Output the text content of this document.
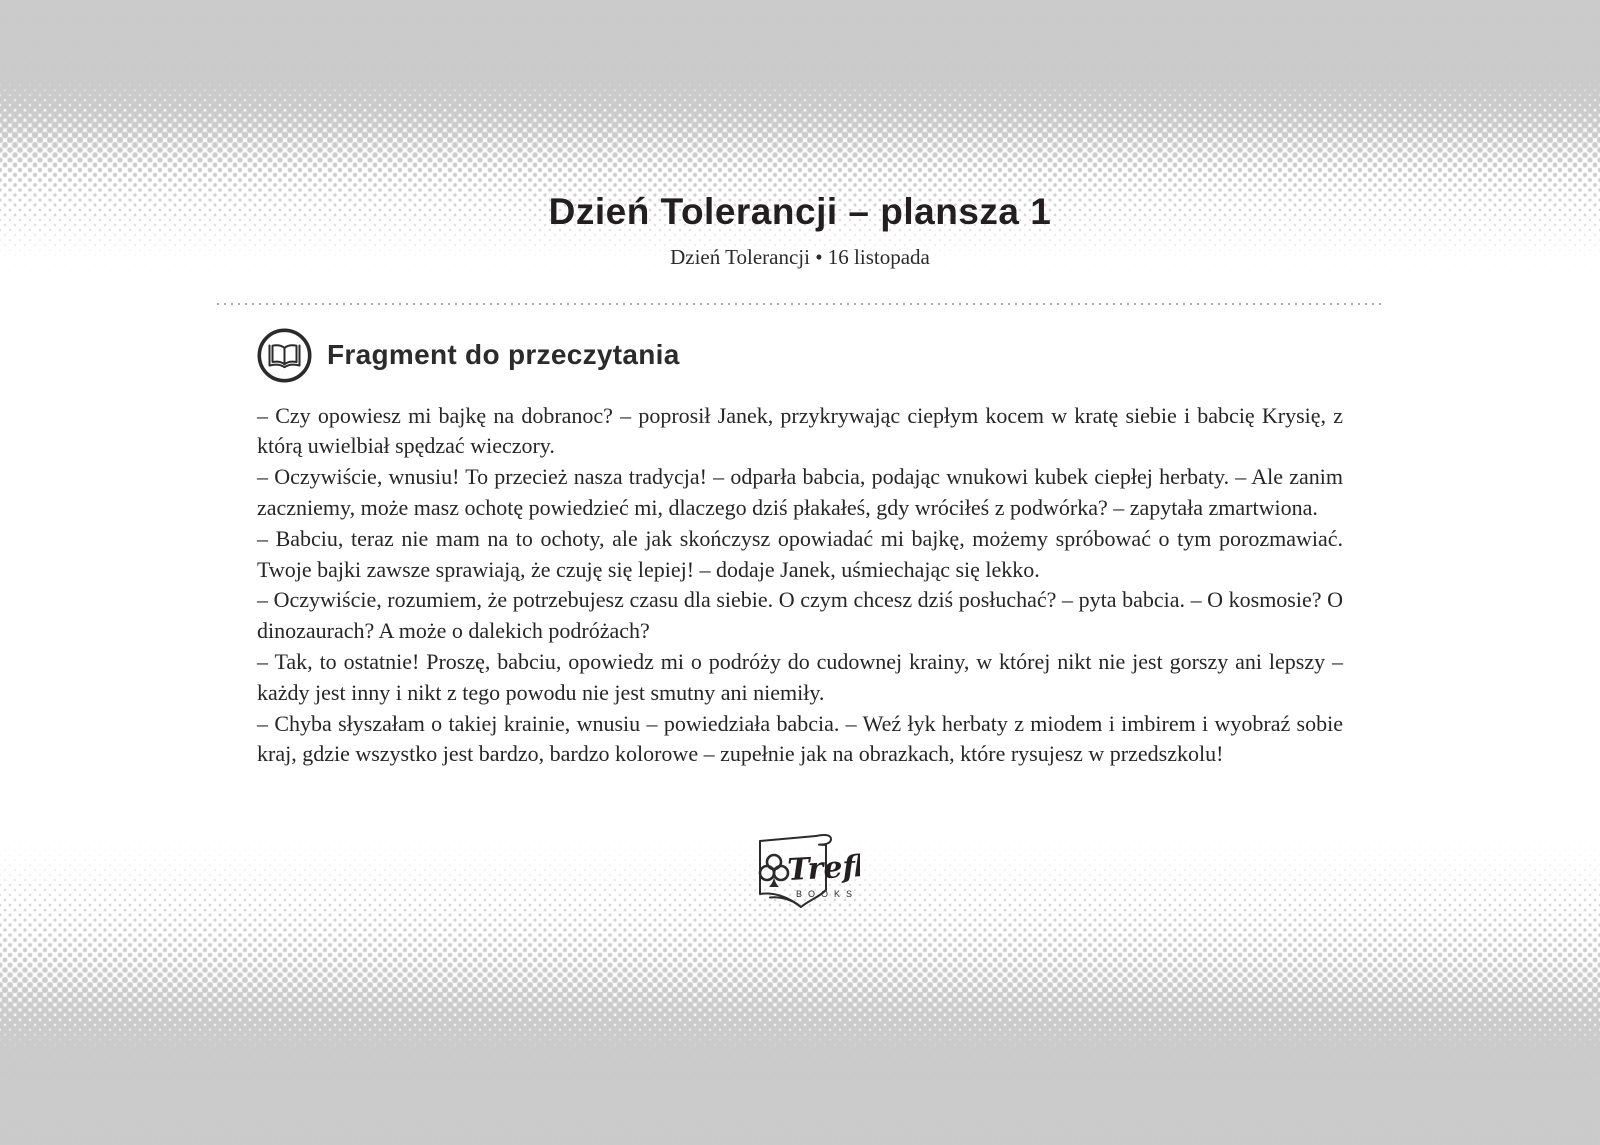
Dzień Tolerancji – plansza 1

Dzień Tolerancji • 16 listopada

Fragment do przeczytania

– Czy opowiesz mi bajkę na dobranoc? – poprosił Janek, przykrywając ciepłym kocem w kratę siebie i babcię Krysię, z którą uwielbiał spędzać wieczory.

– Oczywiście, wnusiu! To przecież nasza tradycja! – odparła babcia, podając wnukowi kubek ciepłej herbaty. – Ale zanim zaczniemy, może masz ochotę powiedzieć mi, dlaczego dziś płakałeś, gdy wróciłeś z podwórka? – zapytała zmartwiona.

– Babciu, teraz nie mam na to ochoty, ale jak skończysz opowiadać mi bajkę, możemy spróbować o tym porozmawiać. Twoje bajki zawsze sprawiają, że czuję się lepiej! – dodaje Janek, uśmiechając się lekko.

– Oczywiście, rozumiem, że potrzebujesz czasu dla siebie. O czym chcesz dziś posłuchać? – pyta babcia. – O kosmosie? O dinozaurach? A może o dalekich podróżach?

– Tak, to ostatnie! Proszę, babciu, opowiedz mi o podróży do cudownej krainy, w której nikt nie jest gorszy ani lepszy – każdy jest inny i nikt z tego powodu nie jest smutny ani niemiły.

– Chyba słyszałam o takiej krainie, wnusiu – powiedziała babcia. – Weź łyk herbaty z miodem i imbirem i wyobraź sobie kraj, gdzie wszystko jest bardzo, bardzo kolorowe – zupełnie jak na obrazkach, które rysujesz w przedszkolu!

Trefl
BOOKS
